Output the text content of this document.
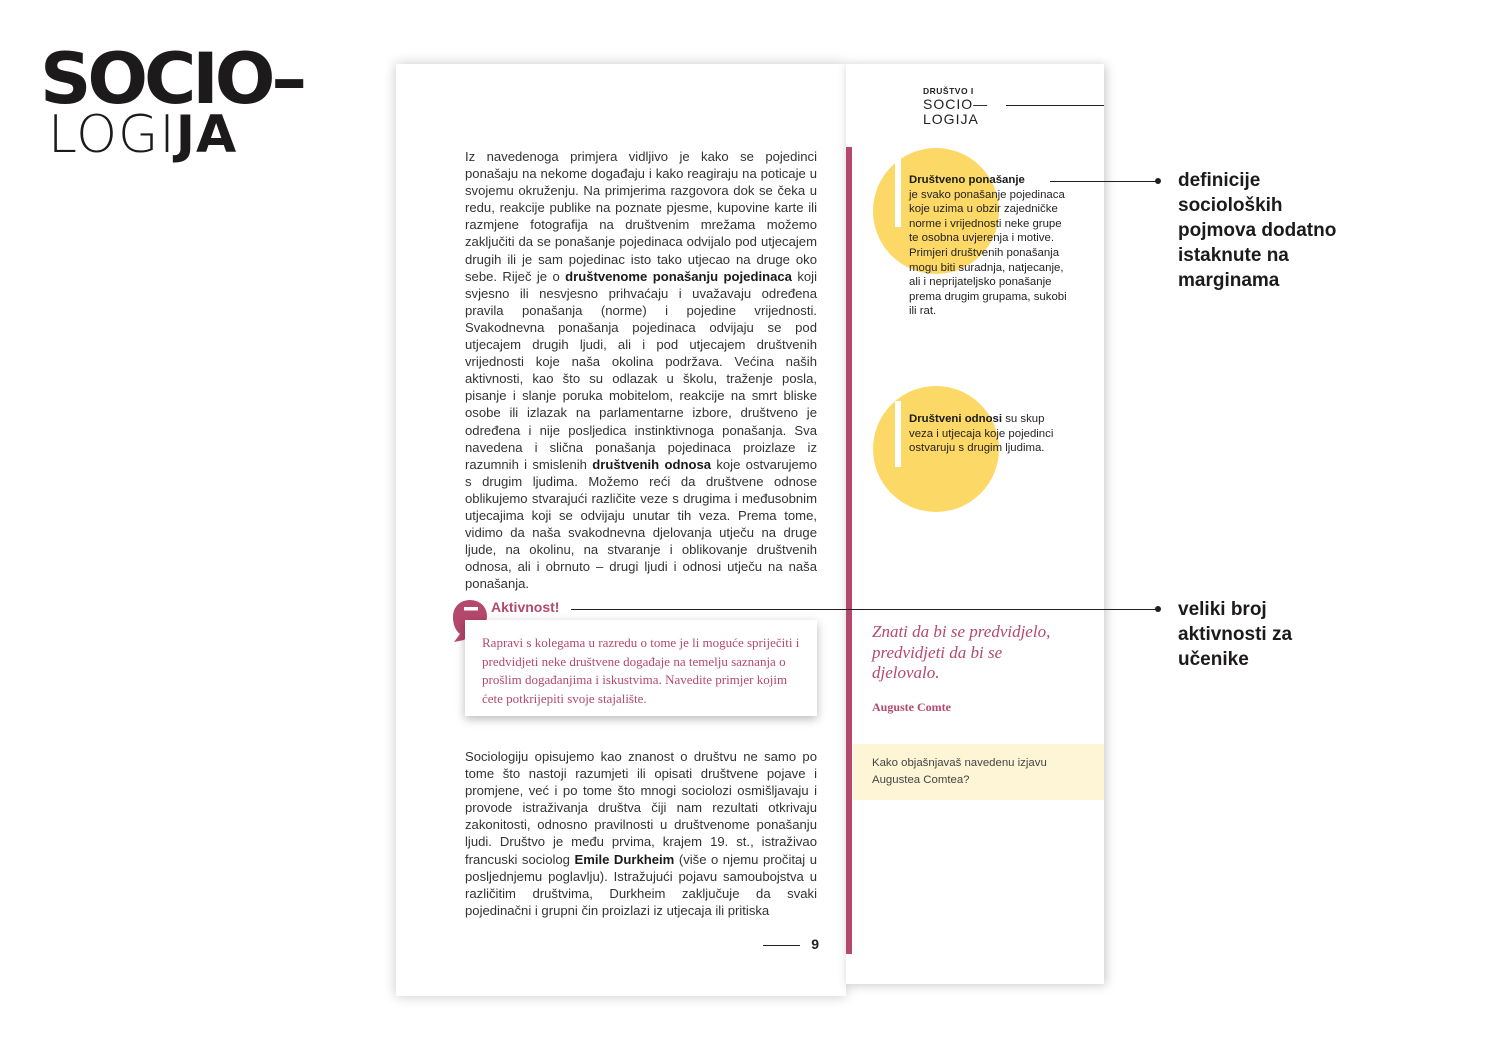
SOCIO–
LOGIJA	Iz navedenoga primjera vidljivo je kako se pojedinci ponašaju na nekome događaju i kako reagiraju na poticaje u svojemu okruženju. Na primjerima razgovora dok se čeka u redu, reakcije publike na poznate pjesme, kupovine karte ili razmjene fotografija na društvenim mrežama možemo zaključiti da se ponašanje pojedinaca odvijalo pod utjecajem drugih ili je sam pojedinac isto tako utjecao na druge oko sebe. Riječ je o društvenome ponašanju pojedinaca koji svjesno ili nesvjesno prihvaćaju i uvažavaju određena pravila ponašanja (norme) i pojedine vrijednosti. Svakodnevna ponašanja pojedinaca odvijaju se pod utjecajem drugih ljudi, ali i pod utjecajem društvenih vrijednosti koje naša okolina podržava. Većina naših aktivnosti, kao što su odlazak u školu, traženje posla, pisanje i slanje poruka mobitelom, reakcije na smrt bliske osobe ili izlazak na parlamentarne izbore, društveno je određena i nije posljedica instinktivnoga ponašanja. Sva navedena i slična ponašanja pojedinaca proizlaze iz razumnih i smislenih društvenih odnosa koje ostvarujemo s drugim ljudima. Možemo reći da društvene odnose oblikujemo stvarajući različite veze s drugima i međusobnim utjecajima koji se odvijaju unutar tih veza. Prema tome, vidimo da naša svakodnevna djelovanja utječu na druge ljude, na okolinu, na stvaranje i oblikovanje društvenih odnosa, ali i obrnuto – drugi ljudi i odnosi utječu na naša ponašanja.
Aktivnost!
Rapravi s kolegama u razredu o tome je li moguće spriječiti i predvidjeti neke društvene događaje na temelju saznanja o prošlim događanjima i iskustvima. Navedite primjer kojim ćete potkrijepiti svoje stajalište.
Sociologiju opisujemo kao znanost o društvu ne samo po tome što nastoji razumjeti ili opisati društvene pojave i promjene, već i po tome što mnogi sociolozi osmišljavaju i provode istraživanja društva čiji nam rezultati otkrivaju zakonitosti, odnosno pravilnosti u društvenome ponašanju ljudi. Društvo je među prvima, krajem 19. st., istraživao francuski sociolog Emile Durkheim (više o njemu pročitaj u posljednjemu poglavlju). Istražujući pojavu samoubojstva u različitim društvima, Durkheim zaključuje da svaki pojedinačni i grupni čin proizlazi iz utjecaja ili pritiska
9
DRUŠTVO I
SOCIO—
LOGIJA
Društveno ponašanje
je svako ponašanje pojedinaca koje uzima u obzir zajedničke norme i vrijednosti neke grupe te osobna uvjerenja i motive. Primjeri društvenih ponašanja mogu biti suradnja, natjecanje, ali i neprijateljsko ponašanje prema drugim grupama, sukobi ili rat.
Društveni odnosi su skup veza i utjecaja koje pojedinci ostvaruju s drugim ljudima.
Znati da bi se predvidjelo, predvidjeti da bi se djelovalo.
Auguste Comte
Kako objašnjavaš navedenu izjavu Augustea Comtea?
definicije socioloških pojmova dodatno istaknute na marginama
veliki broj aktivnosti za učenike
